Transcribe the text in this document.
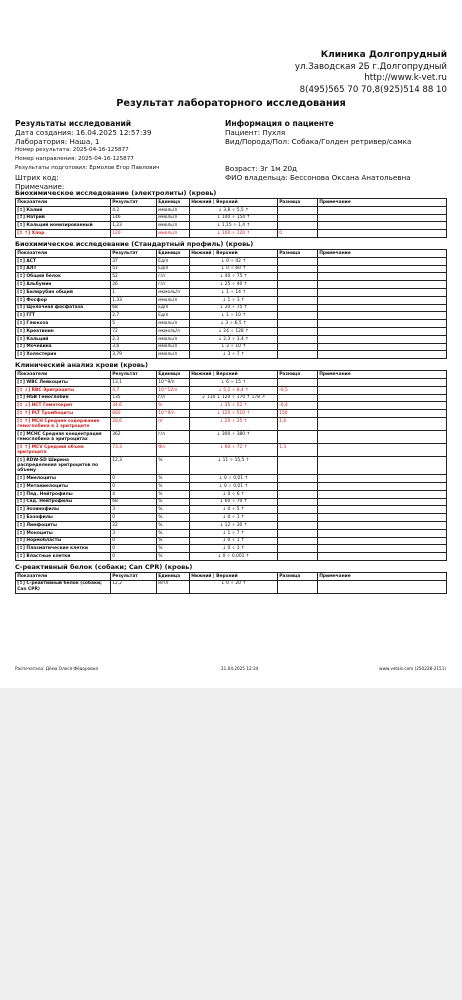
Клиника Долгопрудный
ул.Заводская 2Б г.Долгопрудный
http://www.k-vet.ru
8(495)565 70 70,8(925)514 88 10
Результат лабораторного исследования
Результаты исследований
Дата создания: 16.04.2025 12:57:39
Лаборатория: Наша, 1
Номер результата: 2025-04-16-125877
Номер направления: 2025-04-16-125877
Результаты подготовил: Ермолов Егор Павлович
Штрих код:
Примечание:
Информация о пациенте
Пациент: Пухля
Вид/Порода/Пол: Собака/Голден ретривер/самка
Возраст: 3г 1м 20д
ФИО владельца: Бессонова Оксана Анатольевна
Биохимическое исследование (электролиты) (кровь)
Показатели	Результат	Единица	Нижний | Верхний	Разница	Примечание
[↕] Калий	4,2	ммоль/л	↓ 3,8 ÷ 5,5 ↑		
[↕] Натрий	146	ммоль/л	↓ 140 ÷ 154 ↑		
[↕] Кальций ионизированный	1,23	ммоль/л	↓ 1,15 ÷ 1,4 ↑		
[↕ ↑] Хлор	120	ммоль/л	↓ 100 ÷ 120 ↑	0	
Биохимическое исследование (Стандартный профиль) (кровь)
Показатели	Результат	Единица	Нижний | Верхний	Разница	Примечание
[↕] АСТ	37	Ед/л	↓ 0 ÷ 42 ↑		
[↕] АЛТ	51	Ед/л	↓ 0 ÷ 60 ↑		
[↕] Общий белок	52	г/л	↓ 40 ÷ 75 ↑		
[↕] Альбумин	26	г/л	↓ 25 ÷ 40 ↑		
[↕] Билирубин общий	1	мкмоль/л	↓ 1 ÷ 14 ↑		
[↕] Фосфор	1,33	ммоль/л	↓ 1 ÷ 3 ↑		
[↕] Щелочная фосфатаза	68	Ед/л	↓ 20 ÷ 75 ↑		
[↕] ГГТ	2,7	Ед/л	↓ 1 ÷ 10 ↑		
[↕] Глюкоза	5	ммоль/л	↓ 3 ÷ 6,5 ↑		
[↕] Креатинин	72	мкмоль/л	↓ 24 ÷ 128 ↑		
[↕] Кальций	2,3	ммоль/л	↓ 2,3 ÷ 3,4 ↑		
[↕] Мочевина	3,6	ммоль/л	↓ 3 ÷ 10 ↑		
[↕] Холестерин	3,79	ммоль/л	↓ 3 ÷ 7 ↑		
Клинический анализ крови (кровь)
Показатели	Результат	Единица	Нижний | Верхний	Разница	Примечание
[↕] WBC Лейкоциты	13,1	10^9/л	↓ 6 ÷ 15 ↑		
[↕ ↓] RBC Эритроциты	4,7	10^12/л	↓ 5,2 ÷ 8,4 ↑	-0,5	
[↕] HGB Гемоглобин	135	г/л	↙ 110 ↓ 120 ÷ 170 ↑ 178 ↗		
[↕ ↓] HCT Гематокрит	34,6	%	↓ 35 ÷ 52 ↑	-0,4	
[↕ ↑] PLT Тромбоциты	660	10^9/л	↓ 120 ÷ 510 ↑	150	
[↕ ↑] MCH Среднее содержание гемоглобина в 1 эритроците	28,6	пг	↓ 20 ÷ 25 ↑	1,6	
[↕] MCHC Средняя концентрация гемоглобина в эритроцитах	362	г/л	↓ 300 ÷ 380 ↑		
[↕ ↑] MCV Средний объем эритроцита	73,3	Фл	↓ 60 ÷ 72 ↑	1,3	
[↕] RDW-SD Ширина распределения эритроцитов по объему	12,3	%	↓ 11 ÷ 15,5 ↑		
[↕] Миелоциты	0	%	↓ 0 ÷ 0,01 ↑		
[↕] Метамиелоциты	0	%	↓ 0 ÷ 0,01 ↑		
[↕] Пяд. Нейтрофилы	4	%	↓ 0 ÷ 6 ↑		
[↕] Сяд. Нейтрофилы	68	%	↓ 60 ÷ 70 ↑		
[↕] Эозинофилы	3	%	↓ 0 ÷ 5 ↑		
[↕] Базофилы	0	%	↓ 0 ÷ 1 ↑		
[↕] Лимфоциты	22	%	↓ 12 ÷ 30 ↑		
[↕] Моноциты	3	%	↓ 1 ÷ 7 ↑		
[↕] Нормобласты	0	%	↓ 0 ÷ 1 ↑		
[↕] Плазматические клетки	0	%	↓ 0 ÷ 1 ↑		
[↕] Властные клетки	0	%	↓ 0 ÷ 0,001 ↑		
С-реактивный белок (собаки; Can CPR) (кровь)
Показатели	Результат	Единица	Нижний | Верхний	Разница	Примечание
[↕] С-реактивный белок (собаки; Can CPR)	12,2	мг/л	↓ 0 ÷ 20 ↑		
Распечатала: Дёма Олеся Фёдоровна	21.04.2025 12:34	www.vetais.com (250228-2151)
